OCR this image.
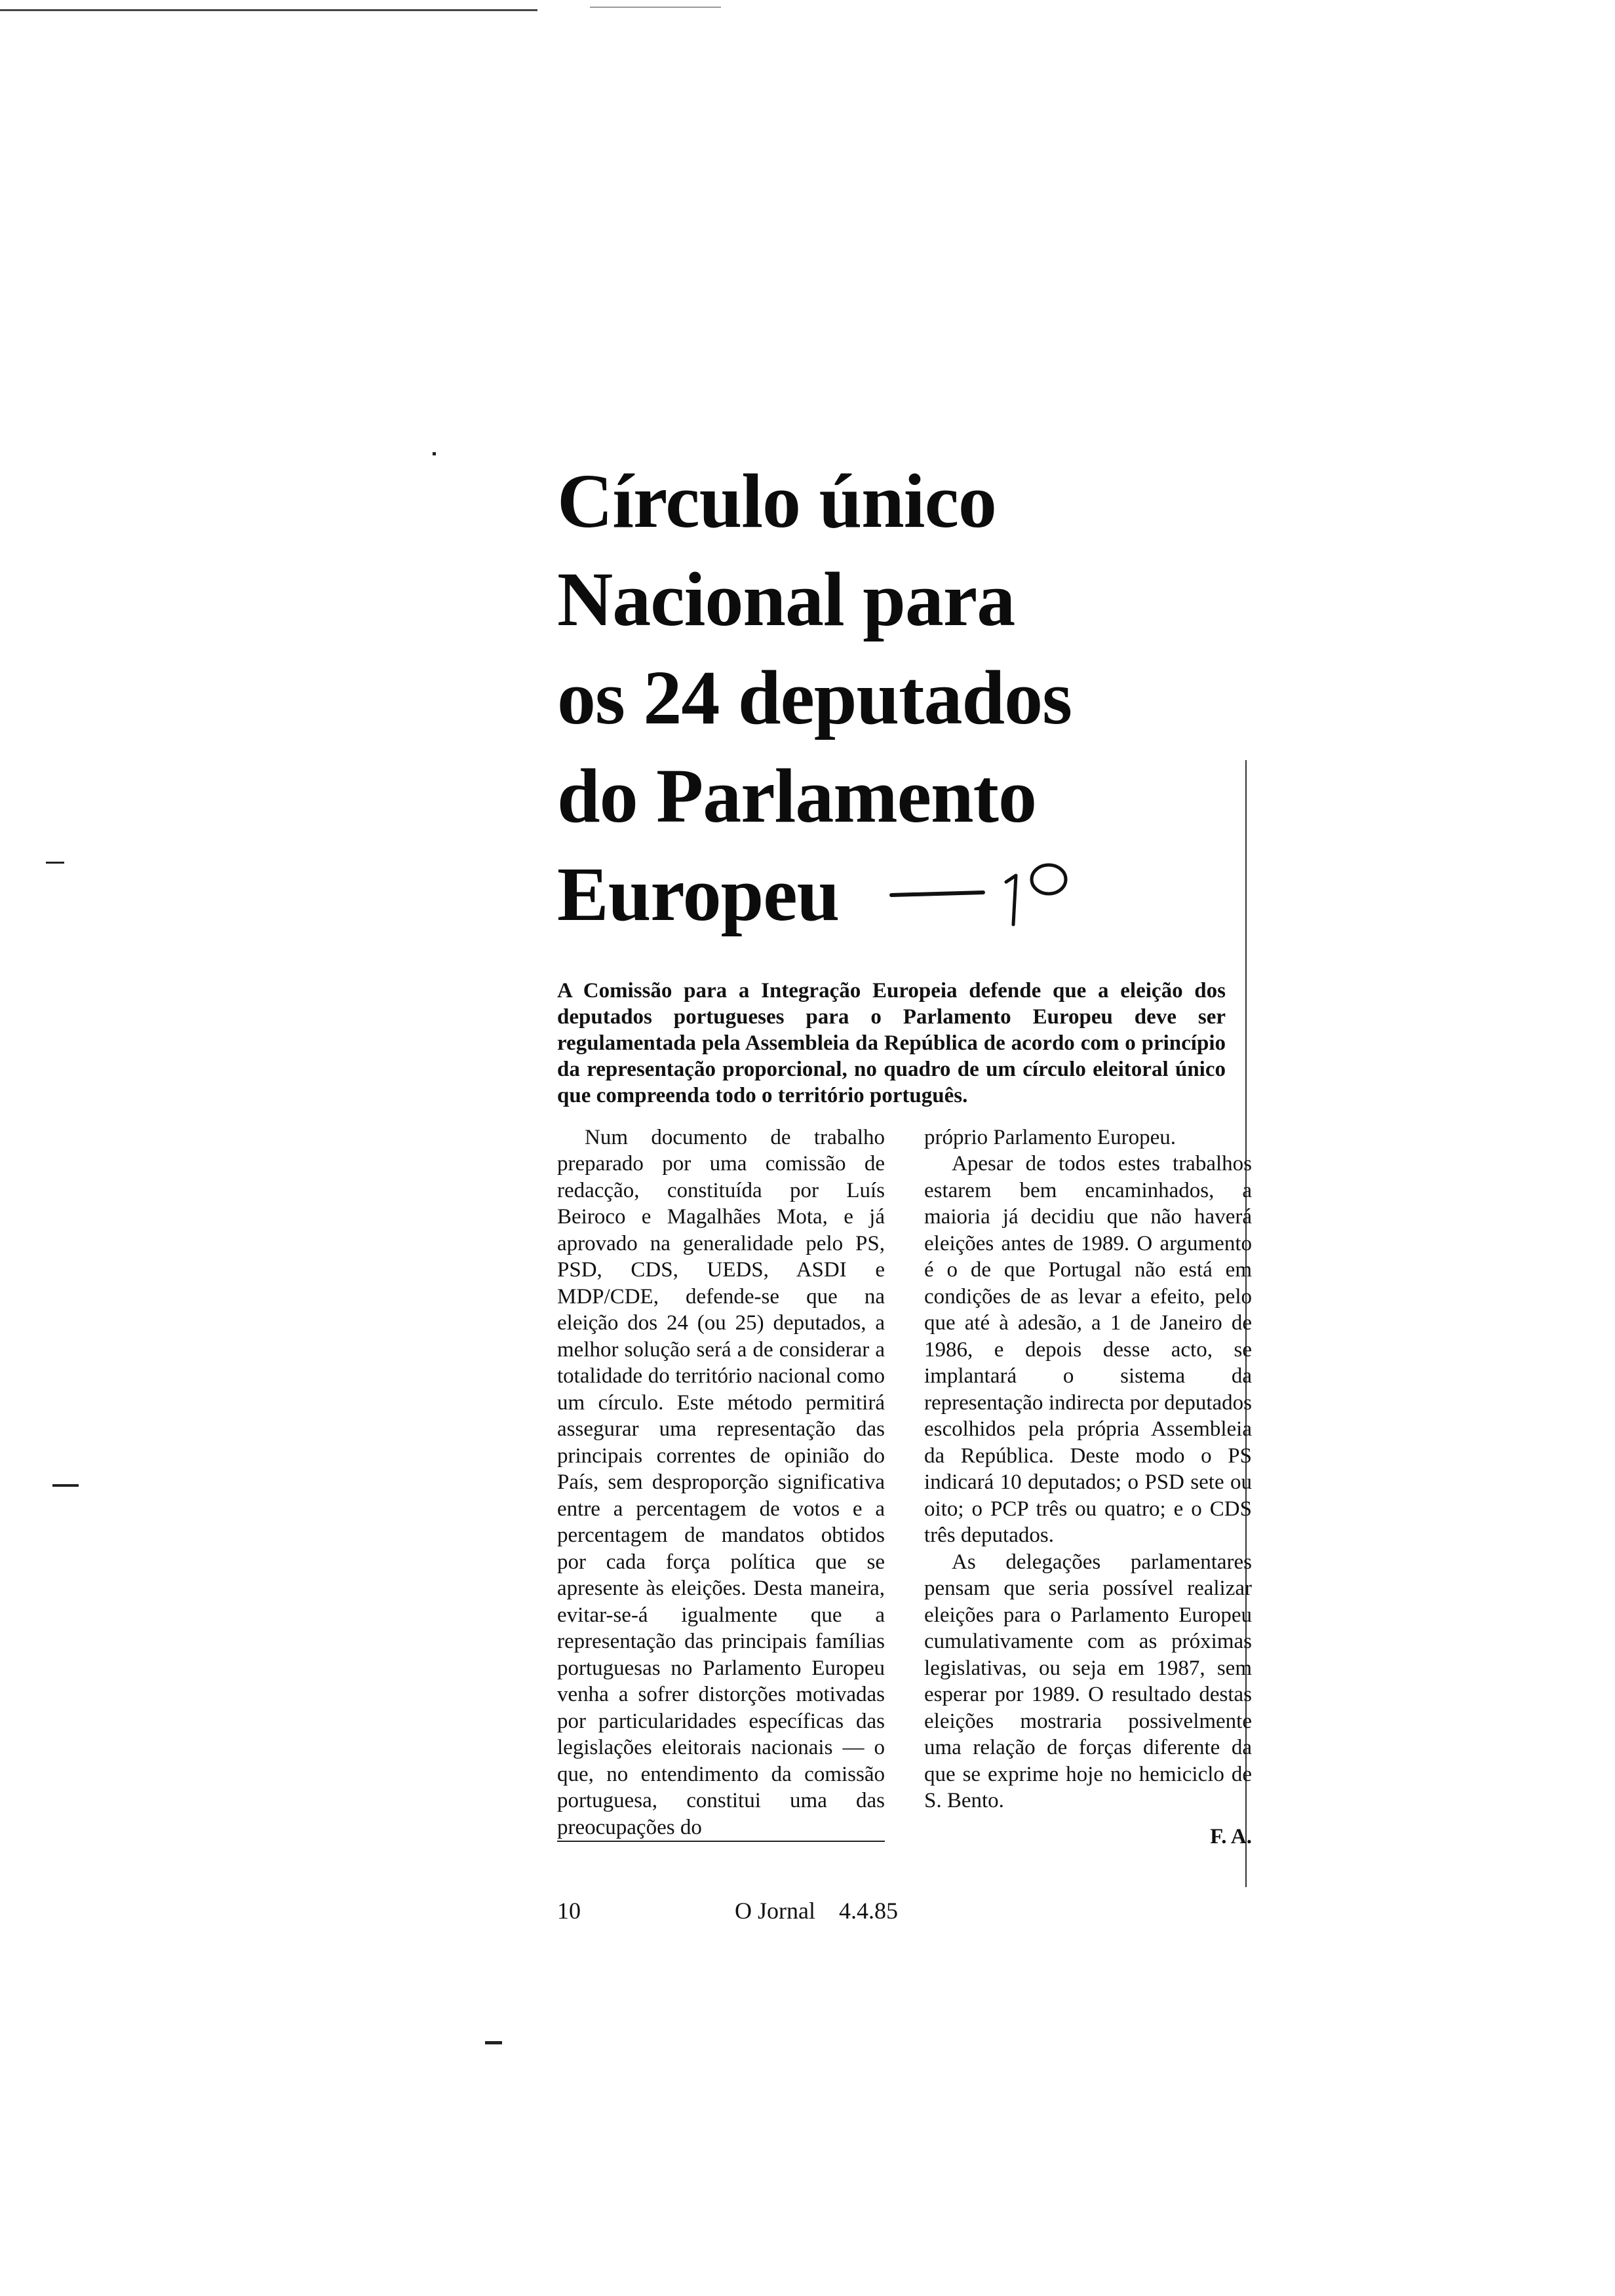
Círculo único
Nacional para
os 24 deputados
do Parlamento
Europeu

A Comissão para a Integração Europeia defende que a eleição dos deputados portugueses para o Parlamento Europeu deve ser regulamentada pela Assembleia da República de acordo com o princípio da representação proporcional, no quadro de um círculo eleitoral único que compreenda todo o território português.

Num documento de trabalho preparado por uma comissão de redacção, constituída por Luís Beiroco e Magalhães Mota, e já aprovado na generalidade pelo PS, PSD, CDS, UEDS, ASDI e MDP/CDE, defende-se que na eleição dos 24 (ou 25) deputados, a melhor solução será a de considerar a totalidade do território nacional como um círculo. Este método permitirá assegurar uma representação das principais correntes de opinião do País, sem desproporção significativa entre a percentagem de votos e a percentagem de mandatos obtidos por cada força política que se apresente às eleições. Desta maneira, evitar-se-á igualmente que a representação das principais famílias portuguesas no Parlamento Europeu venha a sofrer distorções motivadas por particularidades específicas das legislações eleitorais nacionais — o que, no entendimento da comissão portuguesa, constitui uma das preocupações do

próprio Parlamento Europeu.

Apesar de todos estes trabalhos estarem bem encaminhados, a maioria já decidiu que não haverá eleições antes de 1989. O argumento é o de que Portugal não está em condições de as levar a efeito, pelo que até à adesão, a 1 de Janeiro de 1986, e depois desse acto, se implantará o sistema da representação indirecta por deputados escolhidos pela própria Assembleia da República. Deste modo o PS indicará 10 deputados; o PSD sete ou oito; o PCP três ou quatro; e o CDS três deputados.

As delegações parlamentares pensam que seria possível realizar eleições para o Parlamento Europeu cumulativamente com as próximas legislativas, ou seja em 1987, sem esperar por 1989. O resultado destas eleições mostraria possivelmente uma relação de forças diferente da que se exprime hoje no hemiciclo de S. Bento.

F. A.
10	O Jornal 4.4.85
